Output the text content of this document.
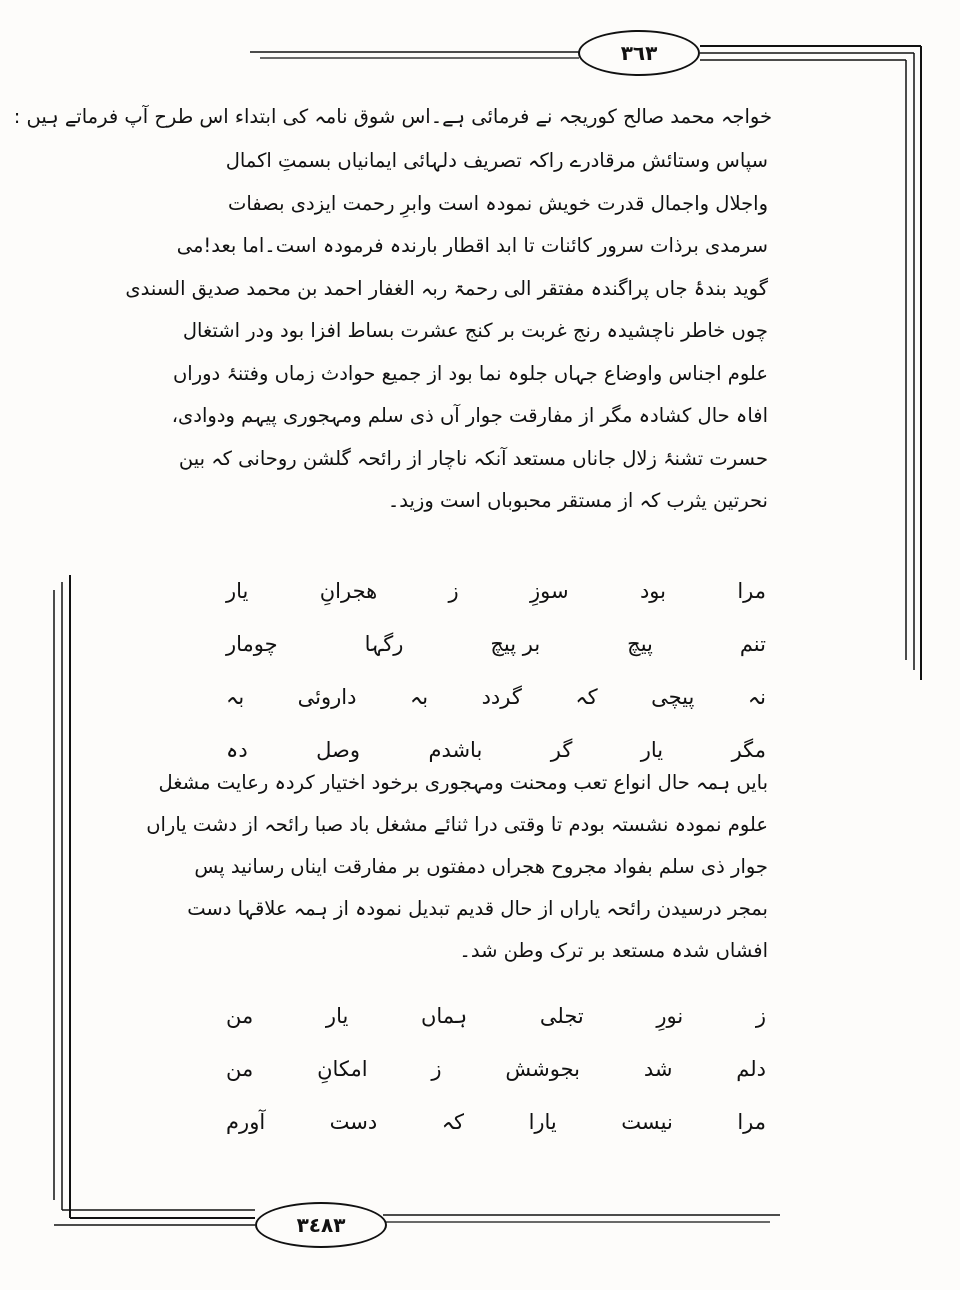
٣٦٣
٣٤٨٣
خواجہ محمد صالح کوریجہ نے فرمائی ہے۔اس شوق نامہ کی ابتداء اس طرح آپ فرماتے ہیں :
سپاس وستائش مرقادرے راکہ تصریف دلہائی ایمانیاں بسمتِ اکمال
واجلال واجمال قدرت خویش نمودہ است وابرِ رحمت ایزدی بصفات
سرمدی برذات سرور کائنات تا ابد اقطار بارندہ فرمودہ است۔اما بعد!می
گوید بندۂ جاں پراگندہ مفتقر الی رحمۃ ربہ الغفار احمد بن محمد صدیق السندی
چوں خاطر ناچشیدہ رنج غربت بر کنج عشرت بساط افزا بود ودر اشتغال
علوم اجناس واوضاع جہاں جلوہ نما بود از جمیع حوادث زماں وفتنۂ دوراں
افاہ حال کشادہ مگر از مفارقت جوار آں ذی سلم ومہجوری پیہم ودوادی،
حسرت تشنۂ زلال جاناں مستعد آنکہ ناچار از رائحہ گلشن روحانی کہ بین
نحرتین یثرب کہ از مستقر محبوباں است وزید۔
مرا
بود
سوزِ
ز
هجرانِ
یار
تنم
پیچ
بر پیچ
رگہا
چومار
نہ
پیچی
کہ
گردد
بہ
داروئی
بہ
مگر
یار
گر
باشدم
وصل
دہ
بایں ہمہ حال انواع تعب ومحنت ومہجوری برخود اختیار کردہ رعایت مشغل
علوم نمودہ نشستہ بودم تا وقتی درا ثنائے مشغل باد صبا رائحہ از دشت یاراں
جوار ذی سلم بفواد مجروح هجراں دمفتوں بر مفارقت ایناں رسانید پس
بمجر درسیدن رائحہ یاراں از حال قدیم تبدیل نمودہ از ہمہ علاقہا دست
افشاں شدہ مستعد بر ترک وطن شد۔
ز
نورِ
تجلی
ہماں
یار
من
دلم
شد
بجوشش
ز
امکانِ
من
مرا
نیست
یارا
کہ
دست
آورم
